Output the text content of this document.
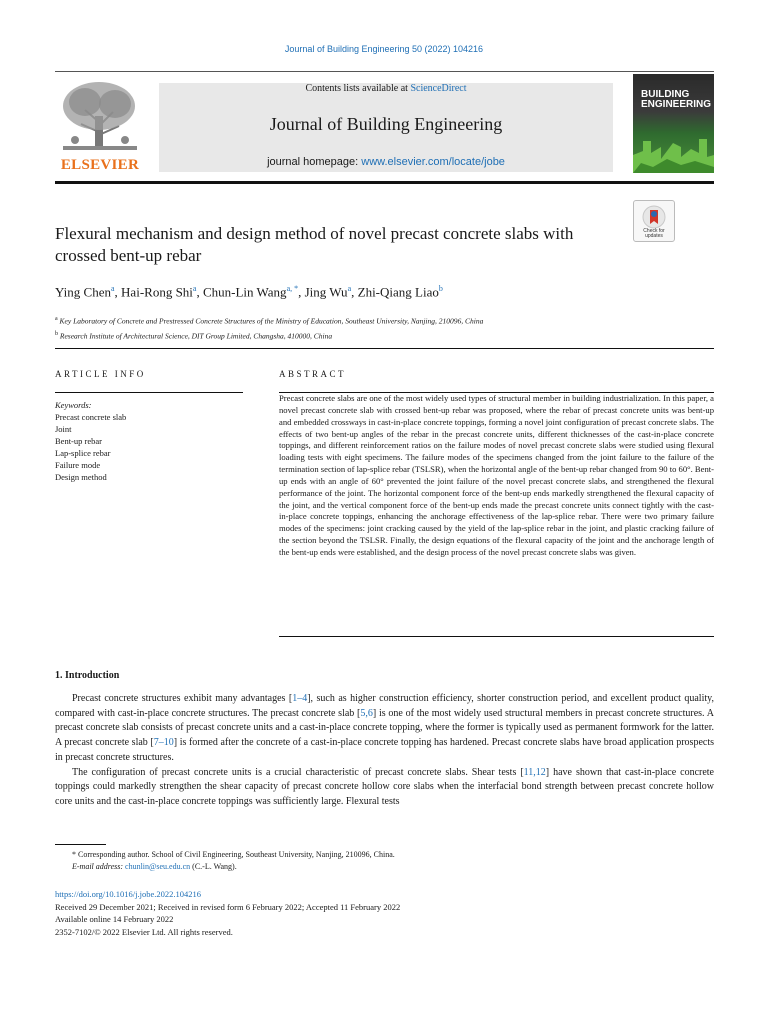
Journal of Building Engineering 50 (2022) 104216
ELSEVIER
Contents lists available at ScienceDirect
Journal of Building Engineering
journal homepage: www.elsevier.com/locate/jobe
BUILDING
ENGINEERING
Check for
updates
Flexural mechanism and design method of novel precast concrete slabs with crossed bent-up rebar
Ying Chen$^a$, Hai-Rong Shi$^a$, Chun-Lin Wang$^{a, *}$, Jing Wu$^a$, Zhi-Qiang Liao$^b$
$^a$ Key Laboratory of Concrete and Prestressed Concrete Structures of the Ministry of Education, Southeast University, Nanjing, 210096, China
$^b$ Research Institute of Architectural Science, DIT Group Limited, Changsha, 410000, China
ARTICLE INFO
Keywords:
Precast concrete slab
Joint
Bent-up rebar
Lap-splice rebar
Failure mode
Design method
ABSTRACT
Precast concrete slabs are one of the most widely used types of structural member in building industrialization. In this paper, a novel precast concrete slab with crossed bent-up rebar was proposed, where the rebar of precast concrete units was bent-up and embedded crossways in cast-in-place concrete toppings, forming a novel joint configuration of precast concrete slabs. The effects of two bent-up angles of the rebar in the precast concrete units, different thicknesses of the cast-in-place concrete toppings, and different reinforcement ratios on the failure modes of novel precast concrete slabs were studied using flexural loading tests with eight specimens. The failure modes of the specimens changed from the joint failure to the failure of the termination section of lap-splice rebar (TSLSR), when the horizontal angle of the bent-up rebar changed from 90 to 60°. Bent-up ends with an angle of 60° prevented the joint failure of the novel precast concrete slabs, and strengthened the flexural performance of the joint. The horizontal component force of the bent-up ends markedly strengthened the flexural capacity of the joint, and the vertical component force of the bent-up ends made the precast concrete units connect tightly with the cast-in-place concrete toppings, enhancing the anchorage effectiveness of the lap-splice rebar. There were two primary failure modes of the specimens: joint cracking caused by the yield of the lap-splice rebar in the joint, and plastic cracking failure of the section beyond the TSLSR. Finally, the design equations of the flexural capacity of the joint and the anchorage length of the bent-up ends were established, and the design process of the novel precast concrete slabs was given.
1. Introduction

Precast concrete structures exhibit many advantages [1–4], such as higher construction efficiency, shorter construction period, and excellent product quality, compared with cast-in-place concrete structures. The precast concrete slab [5,6] is one of the most widely used structural members in precast concrete structures. A precast concrete slab consists of precast concrete units and a cast-in-place concrete topping, where the former is typically used as permanent formwork for the latter. A precast concrete slab [7–10] is formed after the concrete of a cast-in-place concrete topping has hardened. Precast concrete slabs have broad application prospects in precast concrete structures.

The configuration of precast concrete units is a crucial characteristic of precast concrete slabs. Shear tests [11,12] have shown that cast-in-place concrete toppings could markedly strengthen the shear capacity of precast concrete hollow core slabs when the interfacial bond strength between precast concrete hollow core units and the cast-in-place concrete toppings was sufficiently large. Flexural tests

* Corresponding author. School of Civil Engineering, Southeast University, Nanjing, 210096, China.
E-mail address: chunlin@seu.edu.cn (C.-L. Wang).
https://doi.org/10.1016/j.jobe.2022.104216
Received 29 December 2021; Received in revised form 6 February 2022; Accepted 11 February 2022
Available online 14 February 2022
2352-7102/© 2022 Elsevier Ltd. All rights reserved.
